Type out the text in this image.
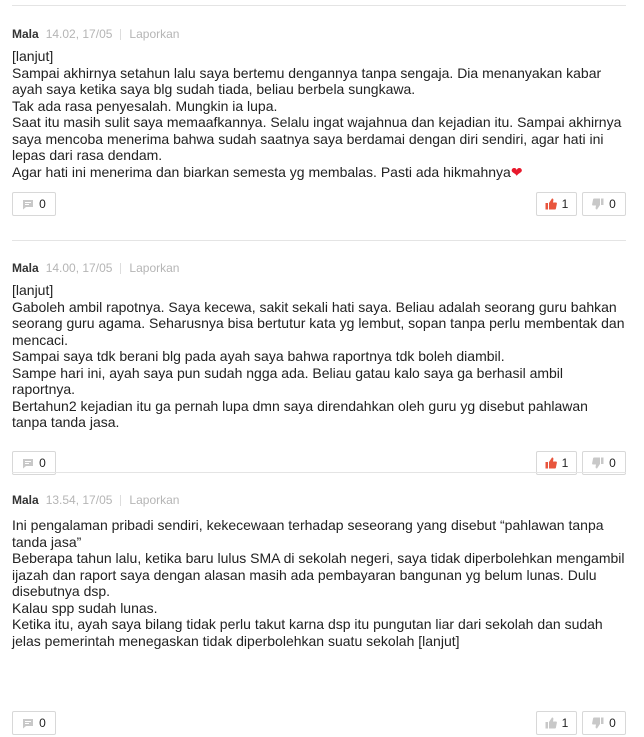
Mala 14.02, 17/05 Laporkan

[lanjut]

Sampai akhirnya setahun lalu saya bertemu dengannya tanpa sengaja. Dia menanyakan kabar ayah saya ketika saya blg sudah tiada, beliau berbela sungkawa.

Tak ada rasa penyesalah. Mungkin ia lupa.

Saat itu masih sulit saya memaafkannya. Selalu ingat wajahnua dan kejadian itu. Sampai akhirnya saya mencoba menerima bahwa sudah saatnya saya berdamai dengan diri sendiri, agar hati ini lepas dari rasa dendam.

Agar hati ini menerima dan biarkan semesta yg membalas. Pasti ada hikmahnya❤

0	1	0
Mala 14.00, 17/05 Laporkan

[lanjut]

Gaboleh ambil rapotnya. Saya kecewa, sakit sekali hati saya. Beliau adalah seorang guru bahkan seorang guru agama. Seharusnya bisa bertutur kata yg lembut, sopan tanpa perlu membentak dan mencaci.

Sampai saya tdk berani blg pada ayah saya bahwa raportnya tdk boleh diambil.

Sampe hari ini, ayah saya pun sudah ngga ada. Beliau gatau kalo saya ga berhasil ambil raportnya.

Bertahun2 kejadian itu ga pernah lupa dmn saya direndahkan oleh guru yg disebut pahlawan tanpa tanda jasa.

0	1	0
Mala 13.54, 17/05 Laporkan

Ini pengalaman pribadi sendiri, kekecewaan terhadap seseorang yang disebut “pahlawan tanpa tanda jasa”

Beberapa tahun lalu, ketika baru lulus SMA di sekolah negeri, saya tidak diperbolehkan mengambil ijazah dan raport saya dengan alasan masih ada pembayaran bangunan yg belum lunas. Dulu disebutnya dsp.

Kalau spp sudah lunas.

Ketika itu, ayah saya bilang tidak perlu takut karna dsp itu pungutan liar dari sekolah dan sudah jelas pemerintah menegaskan tidak diperbolehkan suatu sekolah [lanjut]

0	1	0
